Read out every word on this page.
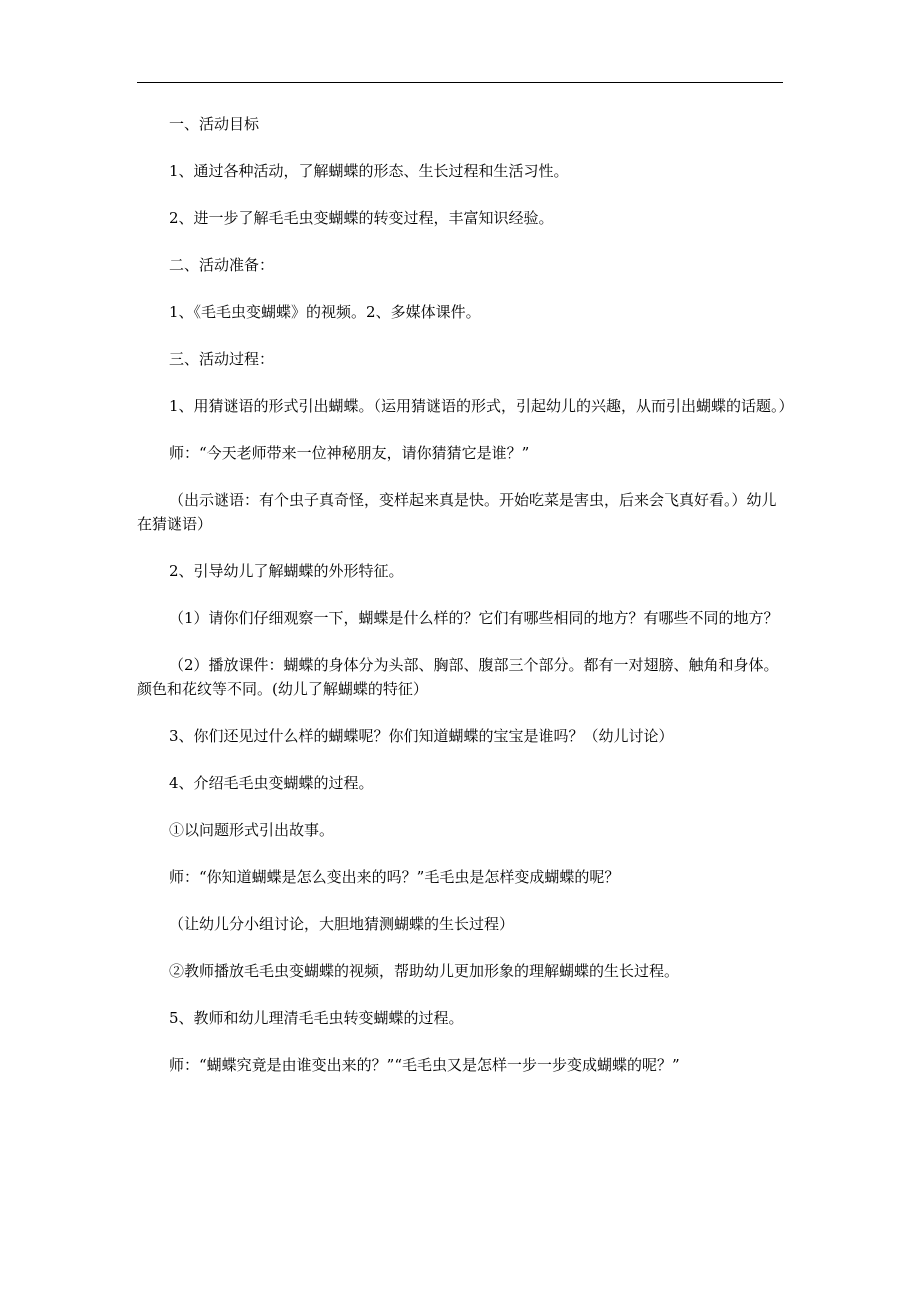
一、活动目标

1、通过各种活动，了解蝴蝶的形态、生长过程和生活习性。

2、进一步了解毛毛虫变蝴蝶的转变过程，丰富知识经验。

二、活动准备：

1、《毛毛虫变蝴蝶》的视频。2、多媒体课件。

三、活动过程：

1、用猜谜语的形式引出蝴蝶。（运用猜谜语的形式，引起幼儿的兴趣，从而引出蝴蝶的话题。）

师：“今天老师带来一位神秘朋友，请你猜猜它是谁？”

（出示谜语：有个虫子真奇怪，变样起来真是快。开始吃菜是害虫，后来会飞真好看。）幼儿在猜谜语）

2、引导幼儿了解蝴蝶的外形特征。

（1）请你们仔细观察一下，蝴蝶是什么样的？它们有哪些相同的地方？有哪些不同的地方？

（2）播放课件：蝴蝶的身体分为头部、胸部、腹部三个部分。都有一对翅膀、触角和身体。颜色和花纹等不同。(幼儿了解蝴蝶的特征）

3、你们还见过什么样的蝴蝶呢？你们知道蝴蝶的宝宝是谁吗？（幼儿讨论）

4、介绍毛毛虫变蝴蝶的过程。

①以问题形式引出故事。

师：“你知道蝴蝶是怎么变出来的吗？”毛毛虫是怎样变成蝴蝶的呢？

（让幼儿分小组讨论，大胆地猜测蝴蝶的生长过程）

②教师播放毛毛虫变蝴蝶的视频，帮助幼儿更加形象的理解蝴蝶的生长过程。

5、教师和幼儿理清毛毛虫转变蝴蝶的过程。

师：“蝴蝶究竟是由谁变出来的？”“毛毛虫又是怎样一步一步变成蝴蝶的呢？”
